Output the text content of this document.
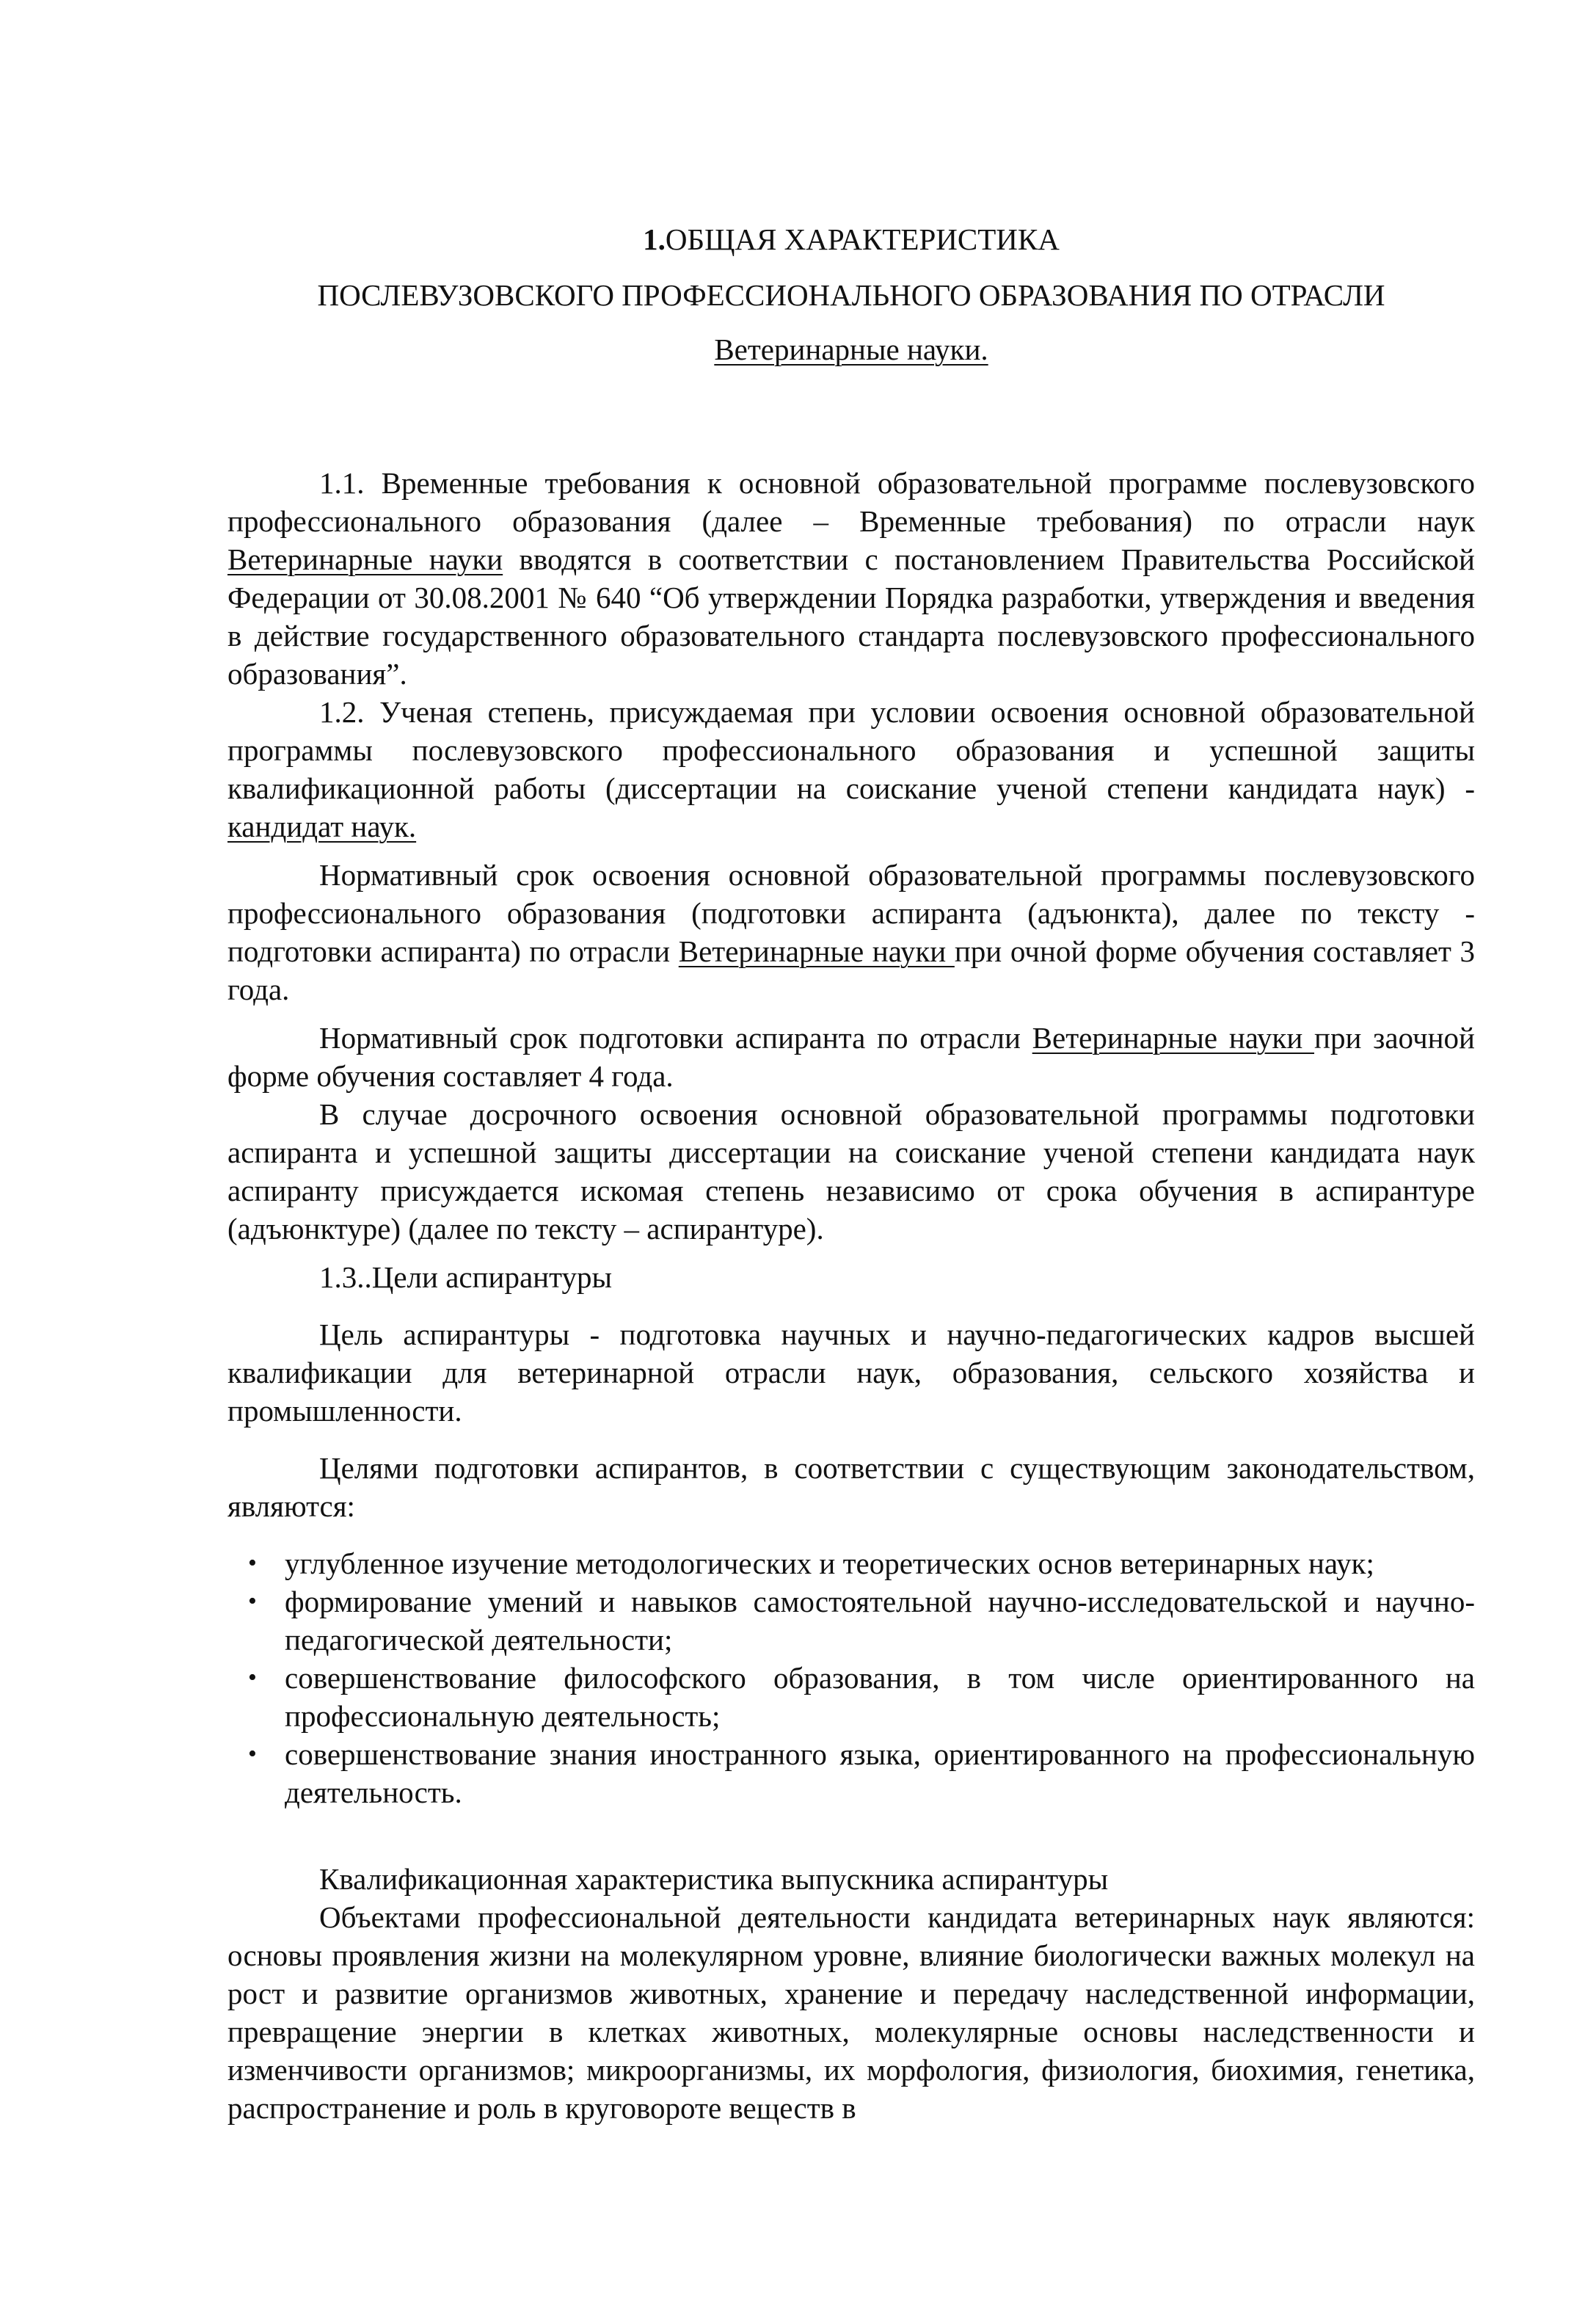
1.ОБЩАЯ ХАРАКТЕРИСТИКА
ПОСЛЕВУЗОВСКОГО ПРОФЕССИОНАЛЬНОГО ОБРАЗОВАНИЯ ПО ОТРАСЛИ
Ветеринарные науки.

1.1. Временные требования к основной образовательной программе послевузовского профессионального образования (далее – Временные требования) по отрасли наук Ветеринарные науки вводятся в соответствии с постановлением Правительства Российской Федерации от 30.08.2001 № 640 “Об утверждении Порядка разработки, утверждения и введения в действие государственного образовательного стандарта послевузовского профессионального образования”.

1.2. Ученая степень, присуждаемая при условии освоения основной образовательной программы послевузовского профессионального образования и успешной защиты квалификационной работы (диссертации на соискание ученой степени кандидата наук) - кандидат наук.

Нормативный срок освоения основной образовательной программы послевузовского профессионального образования (подготовки аспиранта (адъюнкта), далее по тексту - подготовки аспиранта) по отрасли Ветеринарные науки при очной форме обучения составляет 3 года.

Нормативный срок подготовки аспиранта по отрасли Ветеринарные науки при заочной форме обучения составляет 4 года.

В случае досрочного освоения основной образовательной программы подготовки аспиранта и успешной защиты диссертации на соискание ученой степени кандидата наук аспиранту присуждается искомая степень независимо от срока обучения в аспирантуре (адъюнктуре) (далее по тексту – аспирантуре).

1.3..Цели аспирантуры

Цель аспирантуры - подготовка научных и научно-педагогических кадров высшей квалификации для ветеринарной отрасли наук, образования, сельского хозяйства и промышленности.

Целями подготовки аспирантов, в соответствии с существующим законодательством, являются:

• углубленное изучение методологических и теоретических основ ветеринарных наук;
• формирование умений и навыков самостоятельной научно-исследовательской и научно-педагогической деятельности;
• совершенствование философского образования, в том числе ориентированного на профессиональную деятельность;
• совершенствование знания иностранного языка, ориентированного на профессиональную деятельность.

Квалификационная характеристика выпускника аспирантуры

Объектами профессиональной деятельности кандидата ветеринарных наук являются: основы проявления жизни на молекулярном уровне, влияние биологически важных молекул на рост и развитие организмов животных, хранение и передачу наследственной информации, превращение энергии в клетках животных, молекулярные основы наследственности и изменчивости организмов; микроорганизмы, их морфология, физиология, биохимия, генетика, распространение и роль в круговороте веществ в
